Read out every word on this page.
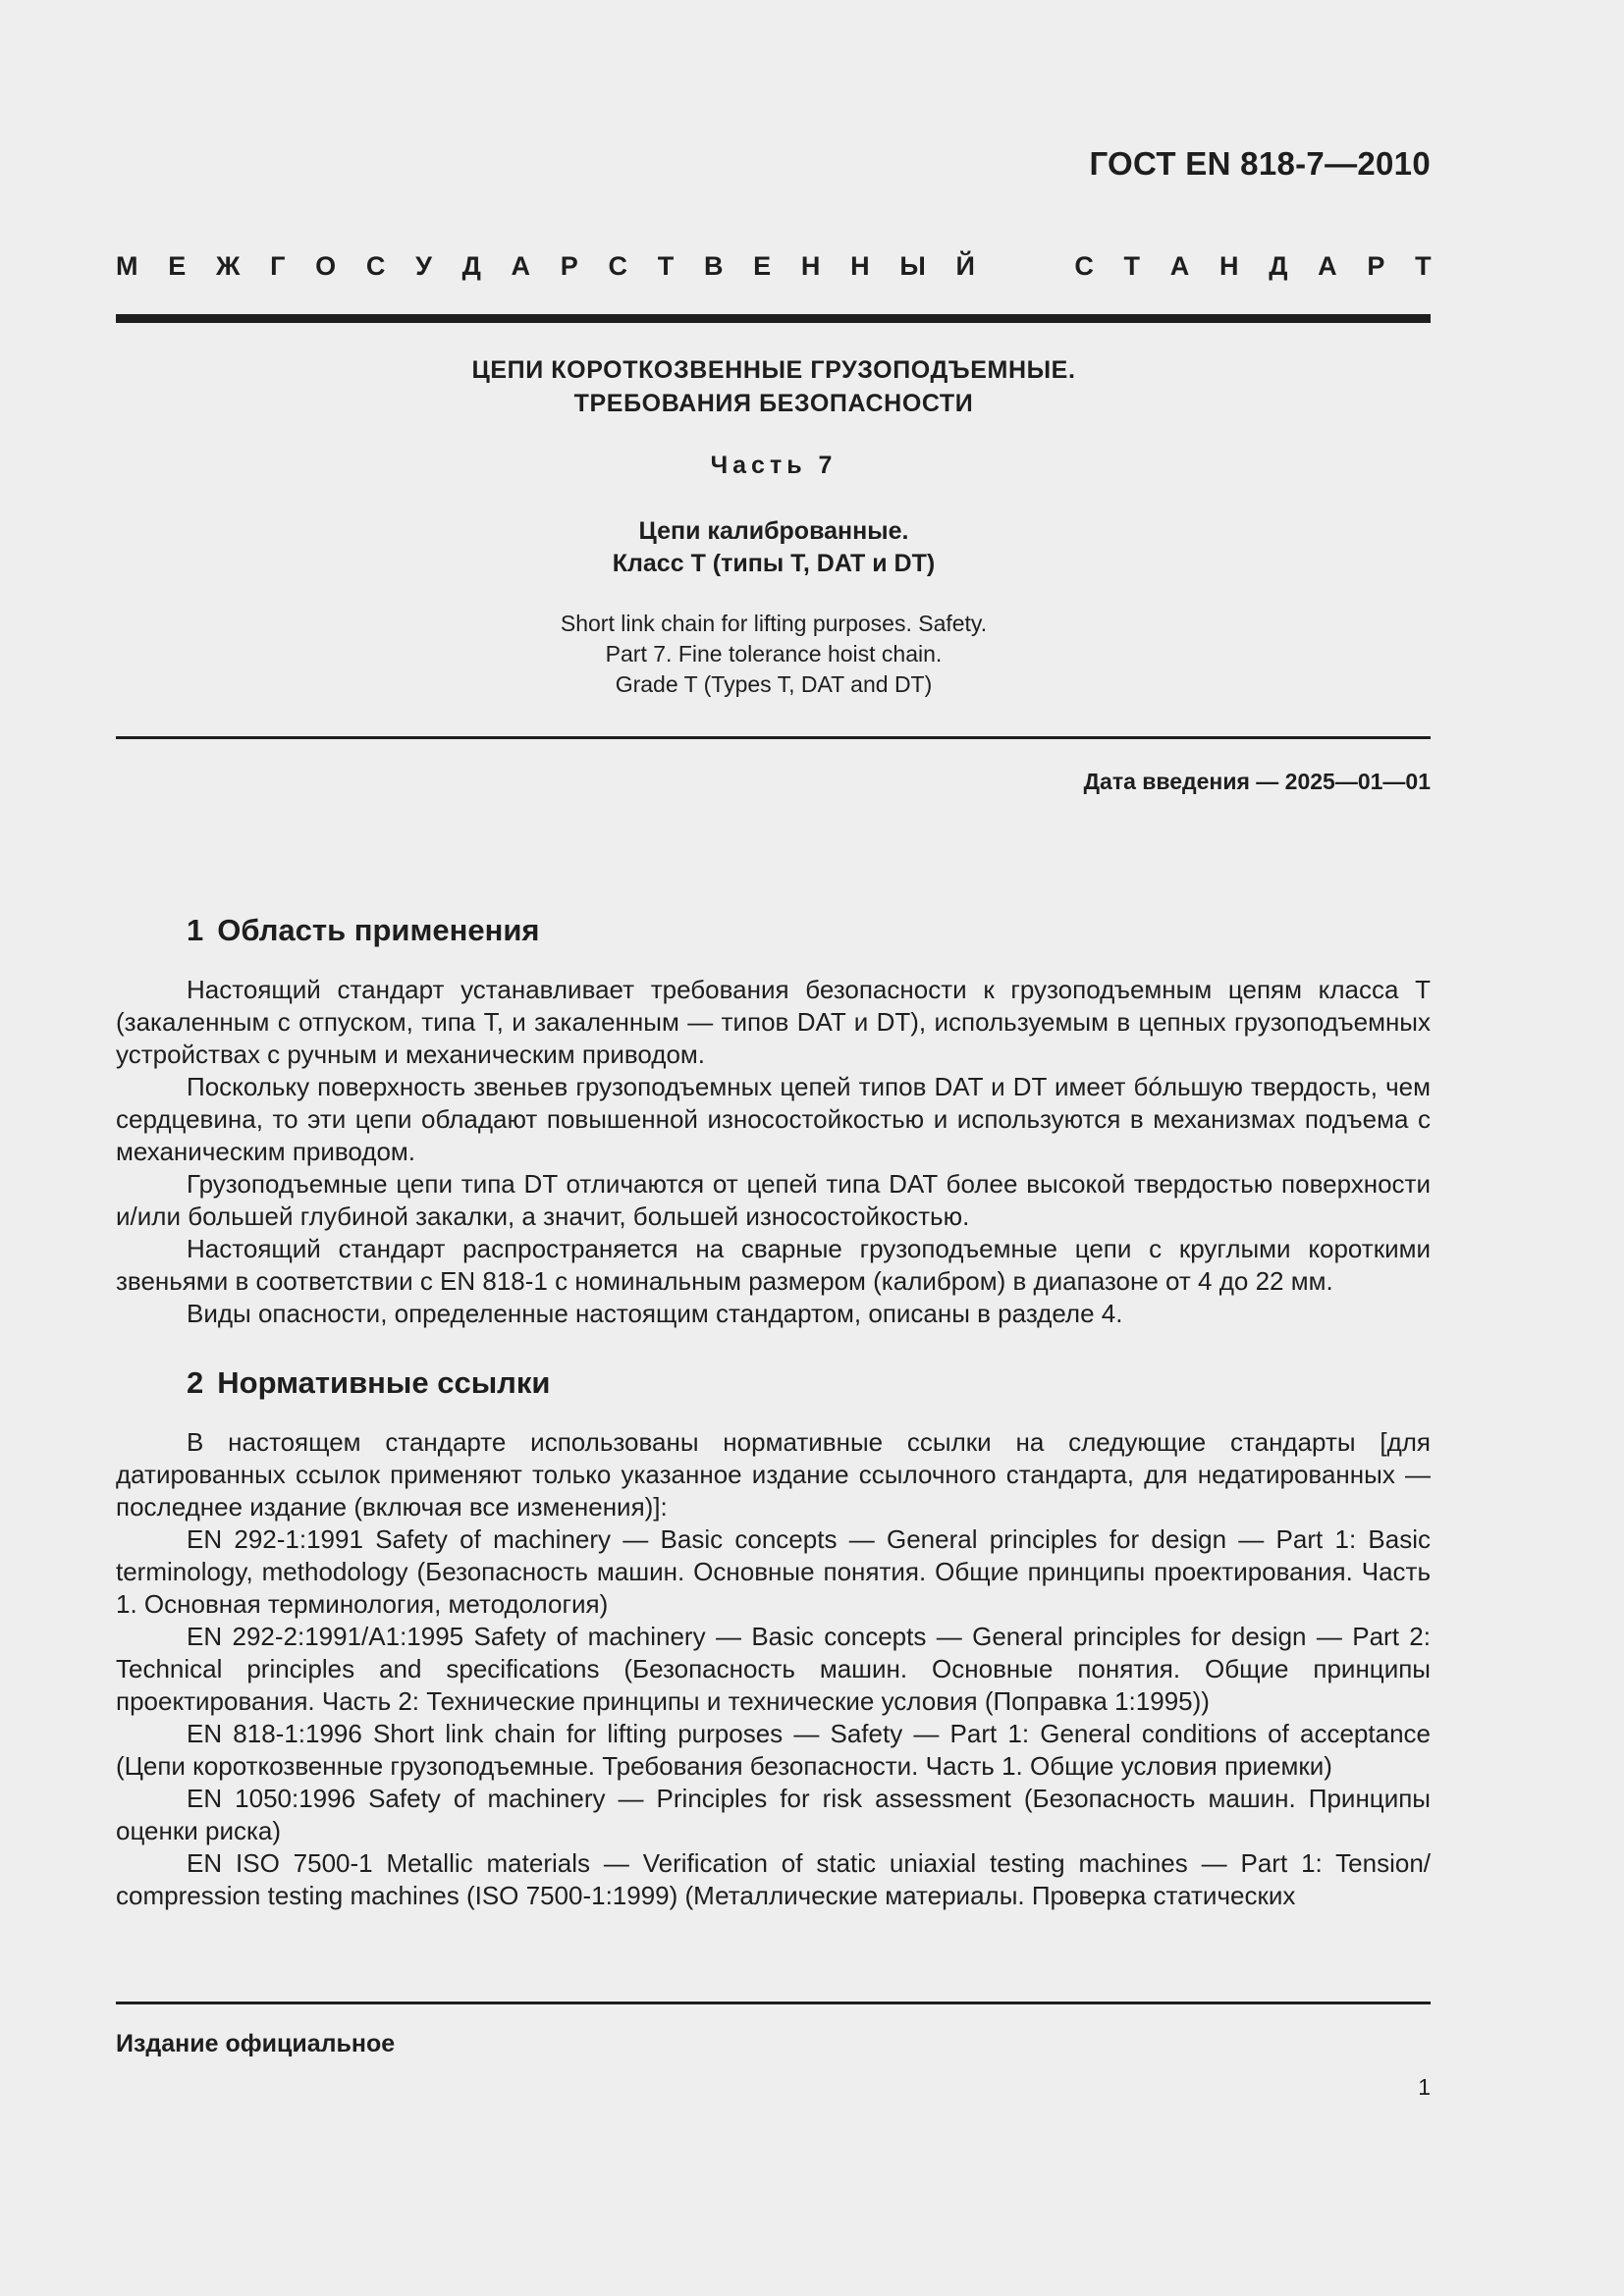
ГОСТ EN 818-7—2010
М Е Ж Г О С У Д А Р С Т В Е Н Н Ы Й	С Т А Н Д А Р Т
ЦЕПИ КОРОТКОЗВЕННЫЕ ГРУЗОПОДЪЕМНЫЕ.
ТРЕБОВАНИЯ БЕЗОПАСНОСТИ
Часть 7
Цепи калиброванные.
Класс Т (типы Т, DAT и DT)
Short link chain for lifting purposes. Safety.
Part 7. Fine tolerance hoist chain.
Grade T (Types T, DAT and DT)
Дата введения — 2025—01—01
1 Область применения

Настоящий стандарт устанавливает требования безопасности к грузоподъемным цепям класса Т (закаленным с отпуском, типа Т, и закаленным — типов DAT и DT), используемым в цепных грузоподъемных устройствах с ручным и механическим приводом.

Поскольку поверхность звеньев грузоподъемных цепей типов DAT и DT имеет бóльшую твердость, чем сердцевина, то эти цепи обладают повышенной износостойкостью и используются в механизмах подъема с механическим приводом.

Грузоподъемные цепи типа DT отличаются от цепей типа DAT более высокой твердостью поверхности и/или большей глубиной закалки, а значит, большей износостойкостью.

Настоящий стандарт распространяется на сварные грузоподъемные цепи с круглыми короткими звеньями в соответствии с EN 818-1 с номинальным размером (калибром) в диапазоне от 4 до 22 мм.

Виды опасности, определенные настоящим стандартом, описаны в разделе 4.

2 Нормативные ссылки

В настоящем стандарте использованы нормативные ссылки на следующие стандарты [для датированных ссылок применяют только указанное издание ссылочного стандарта, для недатированных — последнее издание (включая все изменения)]:

EN 292-1:1991 Safety of machinery — Basic concepts — General principles for design — Part 1: Basic terminology, methodology (Безопасность машин. Основные понятия. Общие принципы проектирования. Часть 1. Основная терминология, методология)

EN 292-2:1991/A1:1995 Safety of machinery — Basic concepts — General principles for design — Part 2: Technical principles and specifications (Безопасность машин. Основные понятия. Общие принципы проектирования. Часть 2: Технические принципы и технические условия (Поправка 1:1995))

EN 818-1:1996 Short link chain for lifting purposes — Safety — Part 1: General conditions of acceptance (Цепи короткозвенные грузоподъемные. Требования безопасности. Часть 1. Общие условия приемки)

EN 1050:1996 Safety of machinery — Principles for risk assessment (Безопасность машин. Принципы оценки риска)

EN ISO 7500-1 Metallic materials — Verification of static uniaxial testing machines — Part 1: Tension/ compression testing machines (ISO 7500-1:1999) (Металлические материалы. Проверка статических

Издание официальное
1
